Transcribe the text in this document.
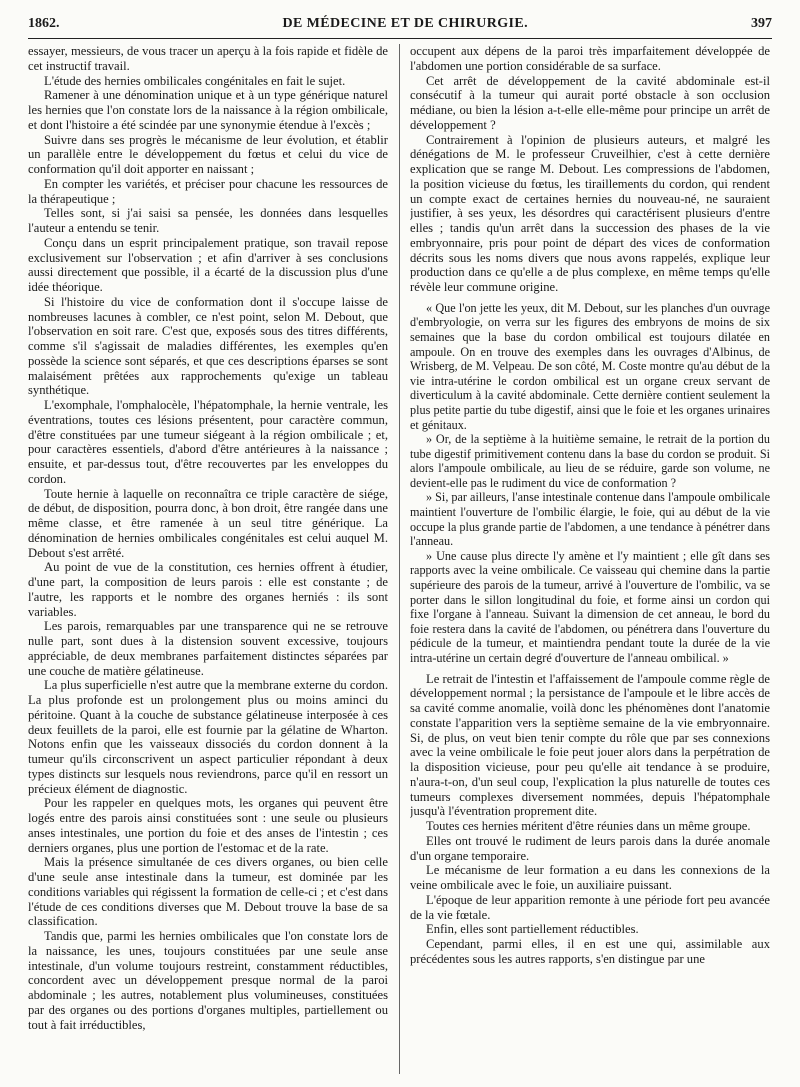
1862.	DE MÉDECINE ET DE CHIRURGIE.	397

essayer, messieurs, de vous tracer un aperçu à la fois rapide et fidèle de cet instructif travail.

L'étude des hernies ombilicales congénitales en fait le sujet.

Ramener à une dénomination unique et à un type générique naturel les hernies que l'on constate lors de la naissance à la région ombilicale, et dont l'histoire a été scindée par une synonymie étendue à l'excès ;

Suivre dans ses progrès le mécanisme de leur évolution, et établir un parallèle entre le développement du fœtus et celui du vice de conformation qu'il doit apporter en naissant ;

En compter les variétés, et préciser pour chacune les ressources de la thérapeutique ;

Telles sont, si j'ai saisi sa pensée, les données dans lesquelles l'auteur a entendu se tenir.

Conçu dans un esprit principalement pratique, son travail repose exclusivement sur l'observation ; et afin d'arriver à ses conclusions aussi directement que possible, il a écarté de la discussion plus d'une idée théorique.

Si l'histoire du vice de conformation dont il s'occupe laisse de nombreuses lacunes à combler, ce n'est point, selon M. Debout, que l'observation en soit rare. C'est que, exposés sous des titres différents, comme s'il s'agissait de maladies différentes, les exemples qu'en possède la science sont séparés, et que ces descriptions éparses se sont malaisément prêtées aux rapprochements qu'exige un tableau synthétique.

L'exomphale, l'omphalocèle, l'hépatomphale, la hernie ventrale, les éventrations, toutes ces lésions présentent, pour caractère commun, d'être constituées par une tumeur siégeant à la région ombilicale ; et, pour caractères essentiels, d'abord d'être antérieures à la naissance ; ensuite, et par-dessus tout, d'être recouvertes par les enveloppes du cordon.

Toute hernie à laquelle on reconnaîtra ce triple caractère de siége, de début, de disposition, pourra donc, à bon droit, être rangée dans une même classe, et être ramenée à un seul titre générique. La dénomination de hernies ombilicales congénitales est celui auquel M. Debout s'est arrêté.

Au point de vue de la constitution, ces hernies offrent à étudier, d'une part, la composition de leurs parois : elle est constante ; de l'autre, les rapports et le nombre des organes herniés : ils sont variables.

Les parois, remarquables par une transparence qui ne se retrouve nulle part, sont dues à la distension souvent excessive, toujours appréciable, de deux membranes parfaitement distinctes séparées par une couche de matière gélatineuse.

La plus superficielle n'est autre que la membrane externe du cordon. La plus profonde est un prolongement plus ou moins aminci du péritoine. Quant à la couche de substance gélatineuse interposée à ces deux feuillets de la paroi, elle est fournie par la gélatine de Wharton. Notons enfin que les vaisseaux dissociés du cordon donnent à la tumeur qu'ils circonscrivent un aspect particulier répondant à deux types distincts sur lesquels nous reviendrons, parce qu'il en ressort un précieux élément de diagnostic.

Pour les rappeler en quelques mots, les organes qui peuvent être logés entre des parois ainsi constituées sont : une seule ou plusieurs anses intestinales, une portion du foie et des anses de l'intestin ; ces derniers organes, plus une portion de l'estomac et de la rate.

Mais la présence simultanée de ces divers organes, ou bien celle d'une seule anse intestinale dans la tumeur, est dominée par les conditions variables qui régissent la formation de celle-ci ; et c'est dans l'étude de ces conditions diverses que M. Debout trouve la base de sa classification.

Tandis que, parmi les hernies ombilicales que l'on constate lors de la naissance, les unes, toujours constituées par une seule anse intestinale, d'un volume toujours restreint, constamment réductibles, concordent avec un développement presque normal de la paroi abdominale ; les autres, notablement plus volumineuses, constituées par des organes ou des portions d'organes multiples, partiellement ou tout à fait irréductibles,

occupent aux dépens de la paroi très imparfaitement développée de l'abdomen une portion considérable de sa surface.

Cet arrêt de développement de la cavité abdominale est-il consécutif à la tumeur qui aurait porté obstacle à son occlusion médiane, ou bien la lésion a-t-elle elle-même pour principe un arrêt de développement ?

Contrairement à l'opinion de plusieurs auteurs, et malgré les dénégations de M. le professeur Cruveilhier, c'est à cette dernière explication que se range M. Debout. Les compressions de l'abdomen, la position vicieuse du fœtus, les tiraillements du cordon, qui rendent un compte exact de certaines hernies du nouveau-né, ne sauraient justifier, à ses yeux, les désordres qui caractérisent plusieurs d'entre elles ; tandis qu'un arrêt dans la succession des phases de la vie embryonnaire, pris pour point de départ des vices de conformation décrits sous les noms divers que nous avons rappelés, explique leur production dans ce qu'elle a de plus complexe, en même temps qu'elle révèle leur commune origine.

« Que l'on jette les yeux, dit M. Debout, sur les planches d'un ouvrage d'embryologie, on verra sur les figures des embryons de moins de six semaines que la base du cordon ombilical est toujours dilatée en ampoule. On en trouve des exemples dans les ouvrages d'Albinus, de Wrisberg, de M. Velpeau. De son côté, M. Coste montre qu'au début de la vie intra-utérine le cordon ombilical est un organe creux servant de diverticulum à la cavité abdominale. Cette dernière contient seulement la plus petite partie du tube digestif, ainsi que le foie et les organes urinaires et génitaux.

» Or, de la septième à la huitième semaine, le retrait de la portion du tube digestif primitivement contenu dans la base du cordon se produit. Si alors l'ampoule ombilicale, au lieu de se réduire, garde son volume, ne devient-elle pas le rudiment du vice de conformation ?

» Si, par ailleurs, l'anse intestinale contenue dans l'ampoule ombilicale maintient l'ouverture de l'ombilic élargie, le foie, qui au début de la vie occupe la plus grande partie de l'abdomen, a une tendance à pénétrer dans l'anneau.

» Une cause plus directe l'y amène et l'y maintient ; elle gît dans ses rapports avec la veine ombilicale. Ce vaisseau qui chemine dans la partie supérieure des parois de la tumeur, arrivé à l'ouverture de l'ombilic, va se porter dans le sillon longitudinal du foie, et forme ainsi un cordon qui fixe l'organe à l'anneau. Suivant la dimension de cet anneau, le bord du foie restera dans la cavité de l'abdomen, ou pénétrera dans l'ouverture du pédicule de la tumeur, et maintiendra pendant toute la durée de la vie intra-utérine un certain degré d'ouverture de l'anneau ombilical. »

Le retrait de l'intestin et l'affaissement de l'ampoule comme règle de développement normal ; la persistance de l'ampoule et le libre accès de sa cavité comme anomalie, voilà donc les phénomènes dont l'anatomie constate l'apparition vers la septième semaine de la vie embryonnaire. Si, de plus, on veut bien tenir compte du rôle que par ses connexions avec la veine ombilicale le foie peut jouer alors dans la perpétration de la disposition vicieuse, pour peu qu'elle ait tendance à se produire, n'aura-t-on, d'un seul coup, l'explication la plus naturelle de toutes ces tumeurs complexes diversement nommées, depuis l'hépatomphale jusqu'à l'éventration proprement dite.

Toutes ces hernies méritent d'être réunies dans un même groupe.

Elles ont trouvé le rudiment de leurs parois dans la durée anomale d'un organe temporaire.

Le mécanisme de leur formation a eu dans les connexions de la veine ombilicale avec le foie, un auxiliaire puissant.

L'époque de leur apparition remonte à une période fort peu avancée de la vie fœtale.

Enfin, elles sont partiellement réductibles.

Cependant, parmi elles, il en est une qui, assimilable aux précédentes sous les autres rapports, s'en distingue par une
